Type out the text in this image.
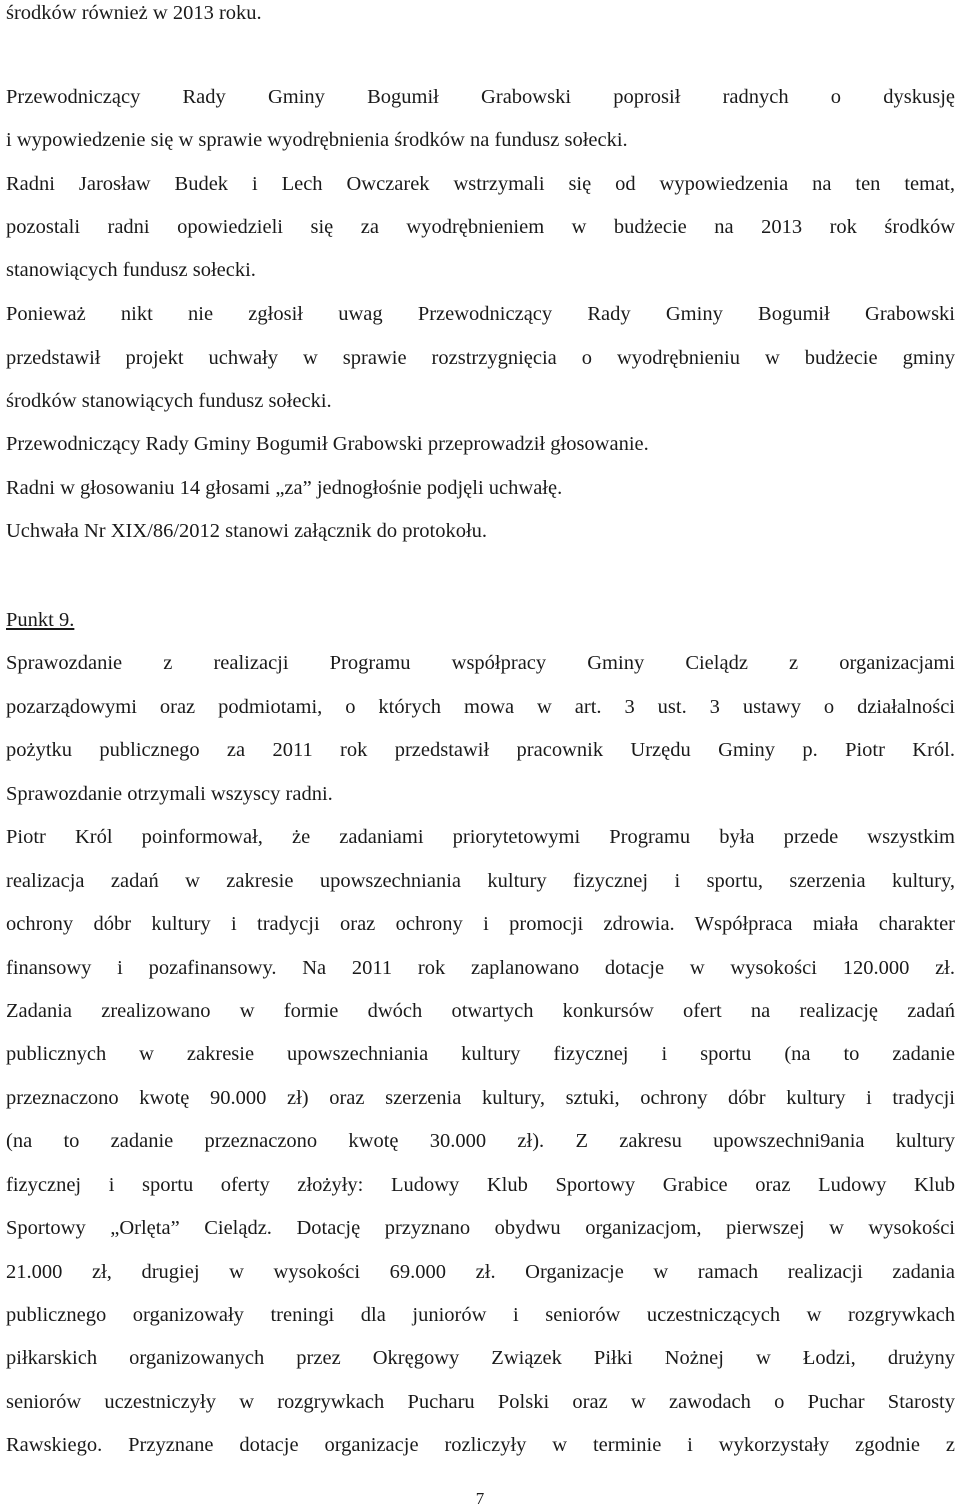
środków również w 2013 roku.
Przewodniczący Rady Gminy Bogumił Grabowski poprosił radnych o dyskusję
i wypowiedzenie się w sprawie wyodrębnienia środków na fundusz sołecki.
Radni Jarosław Budek i Lech Owczarek wstrzymali się od wypowiedzenia na ten temat,
pozostali radni opowiedzieli się za wyodrębnieniem w budżecie na 2013 rok środków
stanowiących fundusz sołecki.
Ponieważ nikt nie zgłosił uwag Przewodniczący Rady Gminy Bogumił Grabowski
przedstawił projekt uchwały w sprawie rozstrzygnięcia o wyodrębnieniu w budżecie gminy
środków stanowiących fundusz sołecki.
Przewodniczący Rady Gminy Bogumił Grabowski przeprowadził głosowanie.
Radni w głosowaniu 14 głosami „za” jednogłośnie podjęli uchwałę.
Uchwała Nr XIX/86/2012 stanowi załącznik do protokołu.
Punkt 9.
Sprawozdanie z realizacji Programu współpracy Gminy Cielądz z organizacjami
pozarządowymi oraz podmiotami, o których mowa w art. 3 ust. 3 ustawy o działalności
pożytku publicznego za 2011 rok przedstawił pracownik Urzędu Gminy p. Piotr Król.
Sprawozdanie otrzymali wszyscy radni.
Piotr Król poinformował, że zadaniami priorytetowymi Programu była przede wszystkim
realizacja zadań w zakresie upowszechniania kultury fizycznej i sportu, szerzenia kultury,
ochrony dóbr kultury i tradycji oraz ochrony i promocji zdrowia. Współpraca miała charakter
finansowy i pozafinansowy. Na 2011 rok zaplanowano dotacje w wysokości 120.000 zł.
Zadania zrealizowano w formie dwóch otwartych konkursów ofert na realizację zadań
publicznych w zakresie upowszechniania kultury fizycznej i sportu (na to zadanie
przeznaczono kwotę 90.000 zł) oraz szerzenia kultury, sztuki, ochrony dóbr kultury i tradycji
(na to zadanie przeznaczono kwotę 30.000 zł). Z zakresu upowszechni9ania kultury
fizycznej i sportu oferty złożyły: Ludowy Klub Sportowy Grabice oraz Ludowy Klub
Sportowy „Orlęta” Cielądz. Dotację przyznano obydwu organizacjom, pierwszej w wysokości
21.000 zł, drugiej w wysokości 69.000 zł. Organizacje w ramach realizacji zadania
publicznego organizowały treningi dla juniorów i seniorów uczestniczących w rozgrywkach
piłkarskich organizowanych przez Okręgowy Związek Piłki Nożnej w Łodzi, drużyny
seniorów uczestniczyły w rozgrywkach Pucharu Polski oraz w zawodach o Puchar Starosty
Rawskiego. Przyznane dotacje organizacje rozliczyły w terminie i wykorzystały zgodnie z
7
